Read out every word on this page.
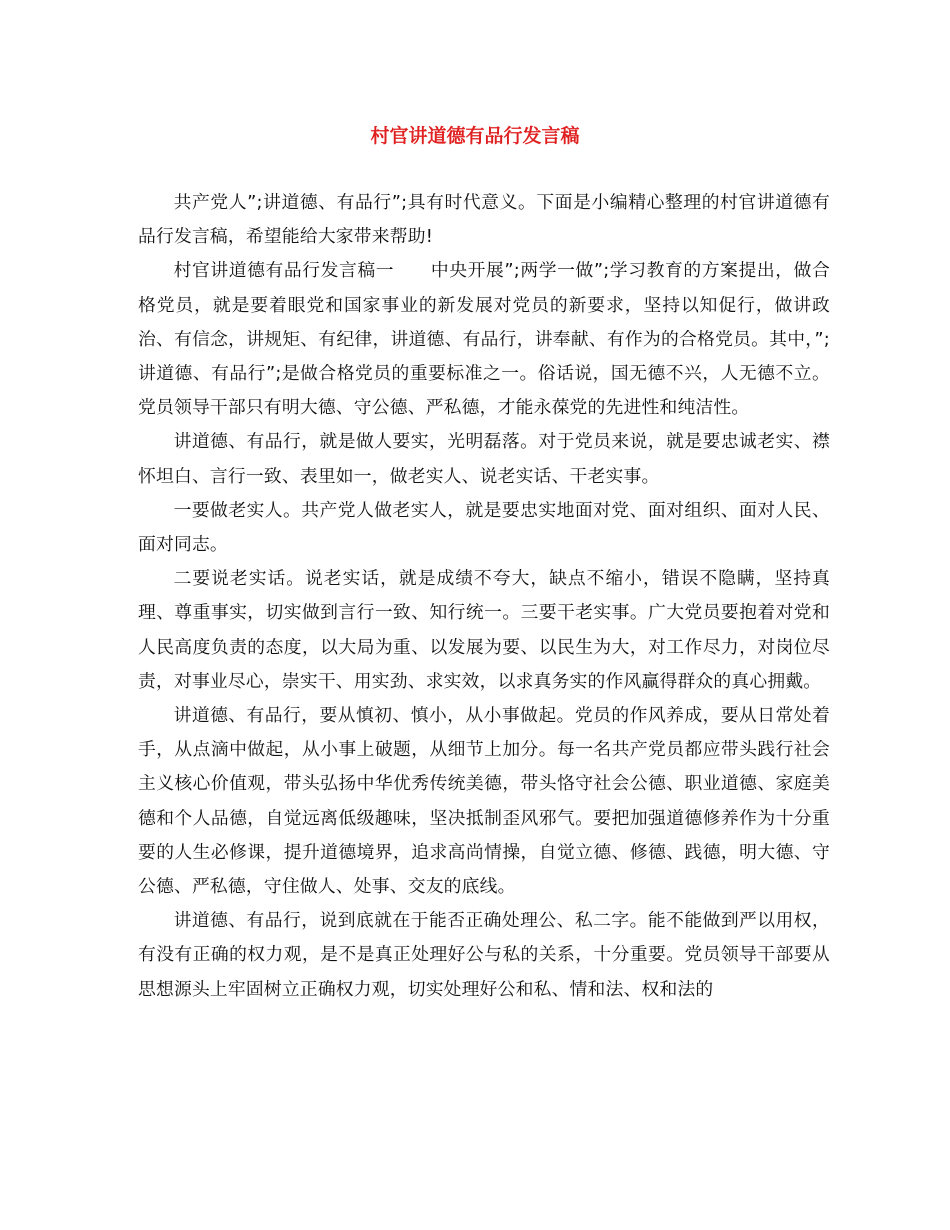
村官讲道德有品行发言稿

共产党人”;讲道德、有品行”;具有时代意义。下面是小编精心整理的村官讲道德有品行发言稿，希望能给大家带来帮助!

村官讲道德有品行发言稿一　　中央开展”;两学一做”;学习教育的方案提出，做合格党员，就是要着眼党和国家事业的新发展对党员的新要求，坚持以知促行，做讲政治、有信念，讲规矩、有纪律，讲道德、有品行，讲奉献、有作为的合格党员。其中，”;讲道德、有品行”;是做合格党员的重要标准之一。俗话说，国无德不兴，人无德不立。党员领导干部只有明大德、守公德、严私德，才能永葆党的先进性和纯洁性。

讲道德、有品行，就是做人要实，光明磊落。对于党员来说，就是要忠诚老实、襟怀坦白、言行一致、表里如一，做老实人、说老实话、干老实事。

一要做老实人。共产党人做老实人，就是要忠实地面对党、面对组织、面对人民、面对同志。

二要说老实话。说老实话，就是成绩不夸大，缺点不缩小，错误不隐瞒，坚持真理、尊重事实，切实做到言行一致、知行统一。三要干老实事。广大党员要抱着对党和人民高度负责的态度，以大局为重、以发展为要、以民生为大，对工作尽力，对岗位尽责，对事业尽心，崇实干、用实劲、求实效，以求真务实的作风赢得群众的真心拥戴。

讲道德、有品行，要从慎初、慎小，从小事做起。党员的作风养成，要从日常处着手，从点滴中做起，从小事上破题，从细节上加分。每一名共产党员都应带头践行社会主义核心价值观，带头弘扬中华优秀传统美德，带头恪守社会公德、职业道德、家庭美德和个人品德，自觉远离低级趣味，坚决抵制歪风邪气。要把加强道德修养作为十分重要的人生必修课，提升道德境界，追求高尚情操，自觉立德、修德、践德，明大德、守公德、严私德，守住做人、处事、交友的底线。

讲道德、有品行，说到底就在于能否正确处理公、私二字。能不能做到严以用权，有没有正确的权力观，是不是真正处理好公与私的关系，十分重要。党员领导干部要从思想源头上牢固树立正确权力观，切实处理好公和私、情和法、权和法的
